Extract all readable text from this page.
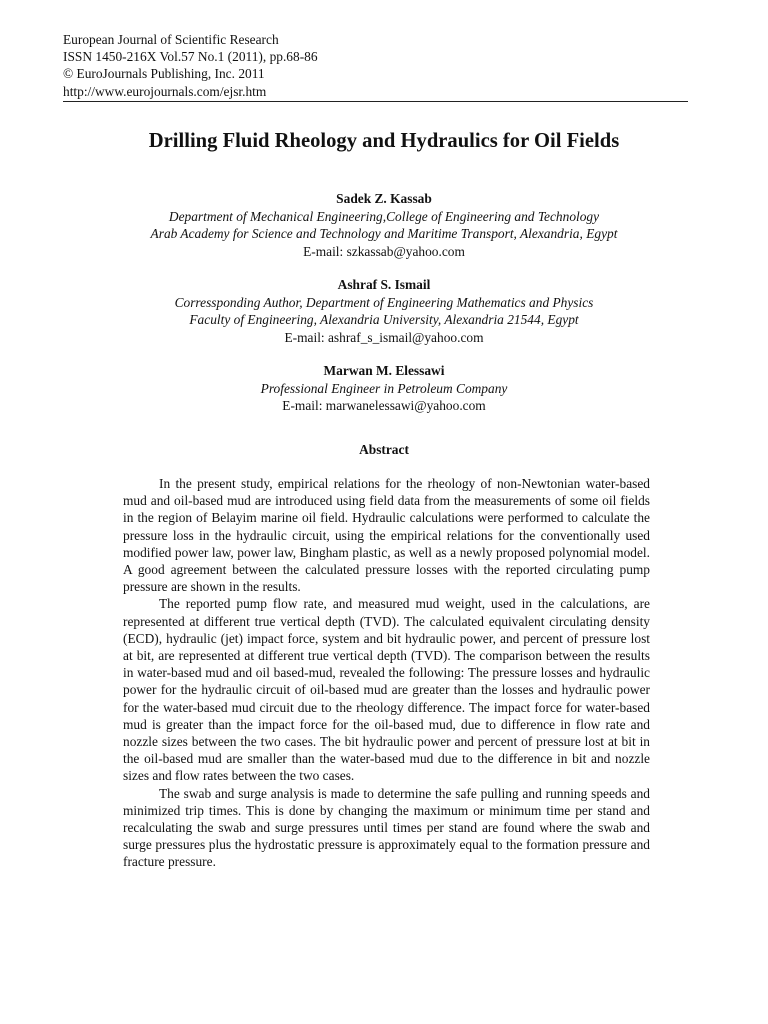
European Journal of Scientific Research
ISSN 1450-216X Vol.57 No.1 (2011), pp.68-86
© EuroJournals Publishing, Inc. 2011
http://www.eurojournals.com/ejsr.htm
Drilling Fluid Rheology and Hydraulics for Oil Fields
Sadek Z. Kassab
Department of Mechanical Engineering,College of Engineering and Technology
Arab Academy for Science and Technology and Maritime Transport, Alexandria, Egypt
E-mail: szkassab@yahoo.com
Ashraf S. Ismail
Corressponding Author, Department of Engineering Mathematics and Physics
Faculty of Engineering, Alexandria University, Alexandria 21544, Egypt
E-mail: ashraf_s_ismail@yahoo.com
Marwan M. Elessawi
Professional Engineer in Petroleum Company
E-mail: marwanelessawi@yahoo.com
Abstract

In the present study, empirical relations for the rheology of non-Newtonian water-based mud and oil-based mud are introduced using field data from the measurements of some oil fields in the region of Belayim marine oil field. Hydraulic calculations were performed to calculate the pressure loss in the hydraulic circuit, using the empirical relations for the conventionally used modified power law, power law, Bingham plastic, as well as a newly proposed polynomial model. A good agreement between the calculated pressure losses with the reported circulating pump pressure are shown in the results.

The reported pump flow rate, and measured mud weight, used in the calculations, are represented at different true vertical depth (TVD). The calculated equivalent circulating density (ECD), hydraulic (jet) impact force, system and bit hydraulic power, and percent of pressure lost at bit, are represented at different true vertical depth (TVD). The comparison between the results in water-based mud and oil based-mud, revealed the following: The pressure losses and hydraulic power for the hydraulic circuit of oil-based mud are greater than the losses and hydraulic power for the water-based mud circuit due to the rheology difference. The impact force for water-based mud is greater than the impact force for the oil-based mud, due to difference in flow rate and nozzle sizes between the two cases. The bit hydraulic power and percent of pressure lost at bit in the oil-based mud are smaller than the water-based mud due to the difference in bit and nozzle sizes and flow rates between the two cases.

The swab and surge analysis is made to determine the safe pulling and running speeds and minimized trip times. This is done by changing the maximum or minimum time per stand and recalculating the swab and surge pressures until times per stand are found where the swab and surge pressures plus the hydrostatic pressure is approximately equal to the formation pressure and fracture pressure.
